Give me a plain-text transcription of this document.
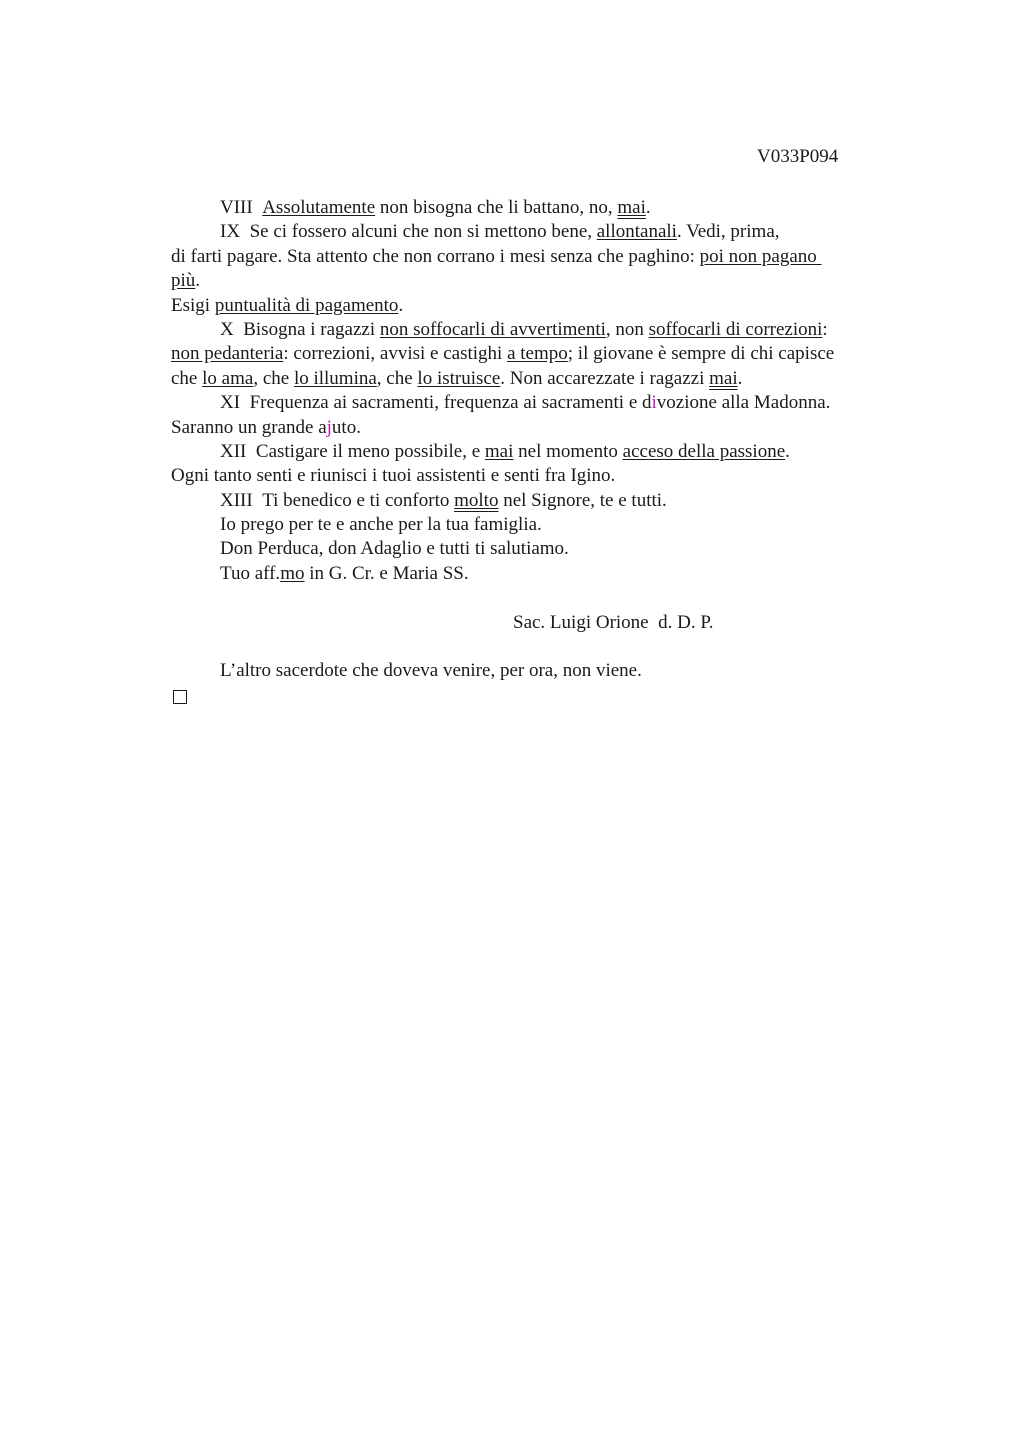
V033P094
VIII Assolutamente non bisogna che li battano, no, mai.
IX Se ci fossero alcuni che non si mettono bene, allontanali. Vedi, prima,
di farti pagare. Sta attento che non corrano i mesi senza che paghino: poi non pagano
più.
Esigi puntualità di pagamento.
X Bisogna i ragazzi non soffocarli di avvertimenti, non soffocarli di correzioni:
non pedanteria: correzioni, avvisi e castighi a tempo; il giovane è sempre di chi capisce
che lo ama, che lo illumina, che lo istruisce. Non accarezzate i ragazzi mai.
XI Frequenza ai sacramenti, frequenza ai sacramenti e divozione alla Madonna.
Saranno un grande ajuto.
XII Castigare il meno possibile, e mai nel momento acceso della passione.
Ogni tanto senti e riunisci i tuoi assistenti e senti fra Igino.
XIII Ti benedico e ti conforto molto nel Signore, te e tutti.
Io prego per te e anche per la tua famiglia.
Don Perduca, don Adaglio e tutti ti salutiamo.
Tuo aff.mo in G. Cr. e Maria SS.
Sac. Luigi Orione  d. D. P.
L’altro sacerdote che doveva venire, per ora, non viene.
